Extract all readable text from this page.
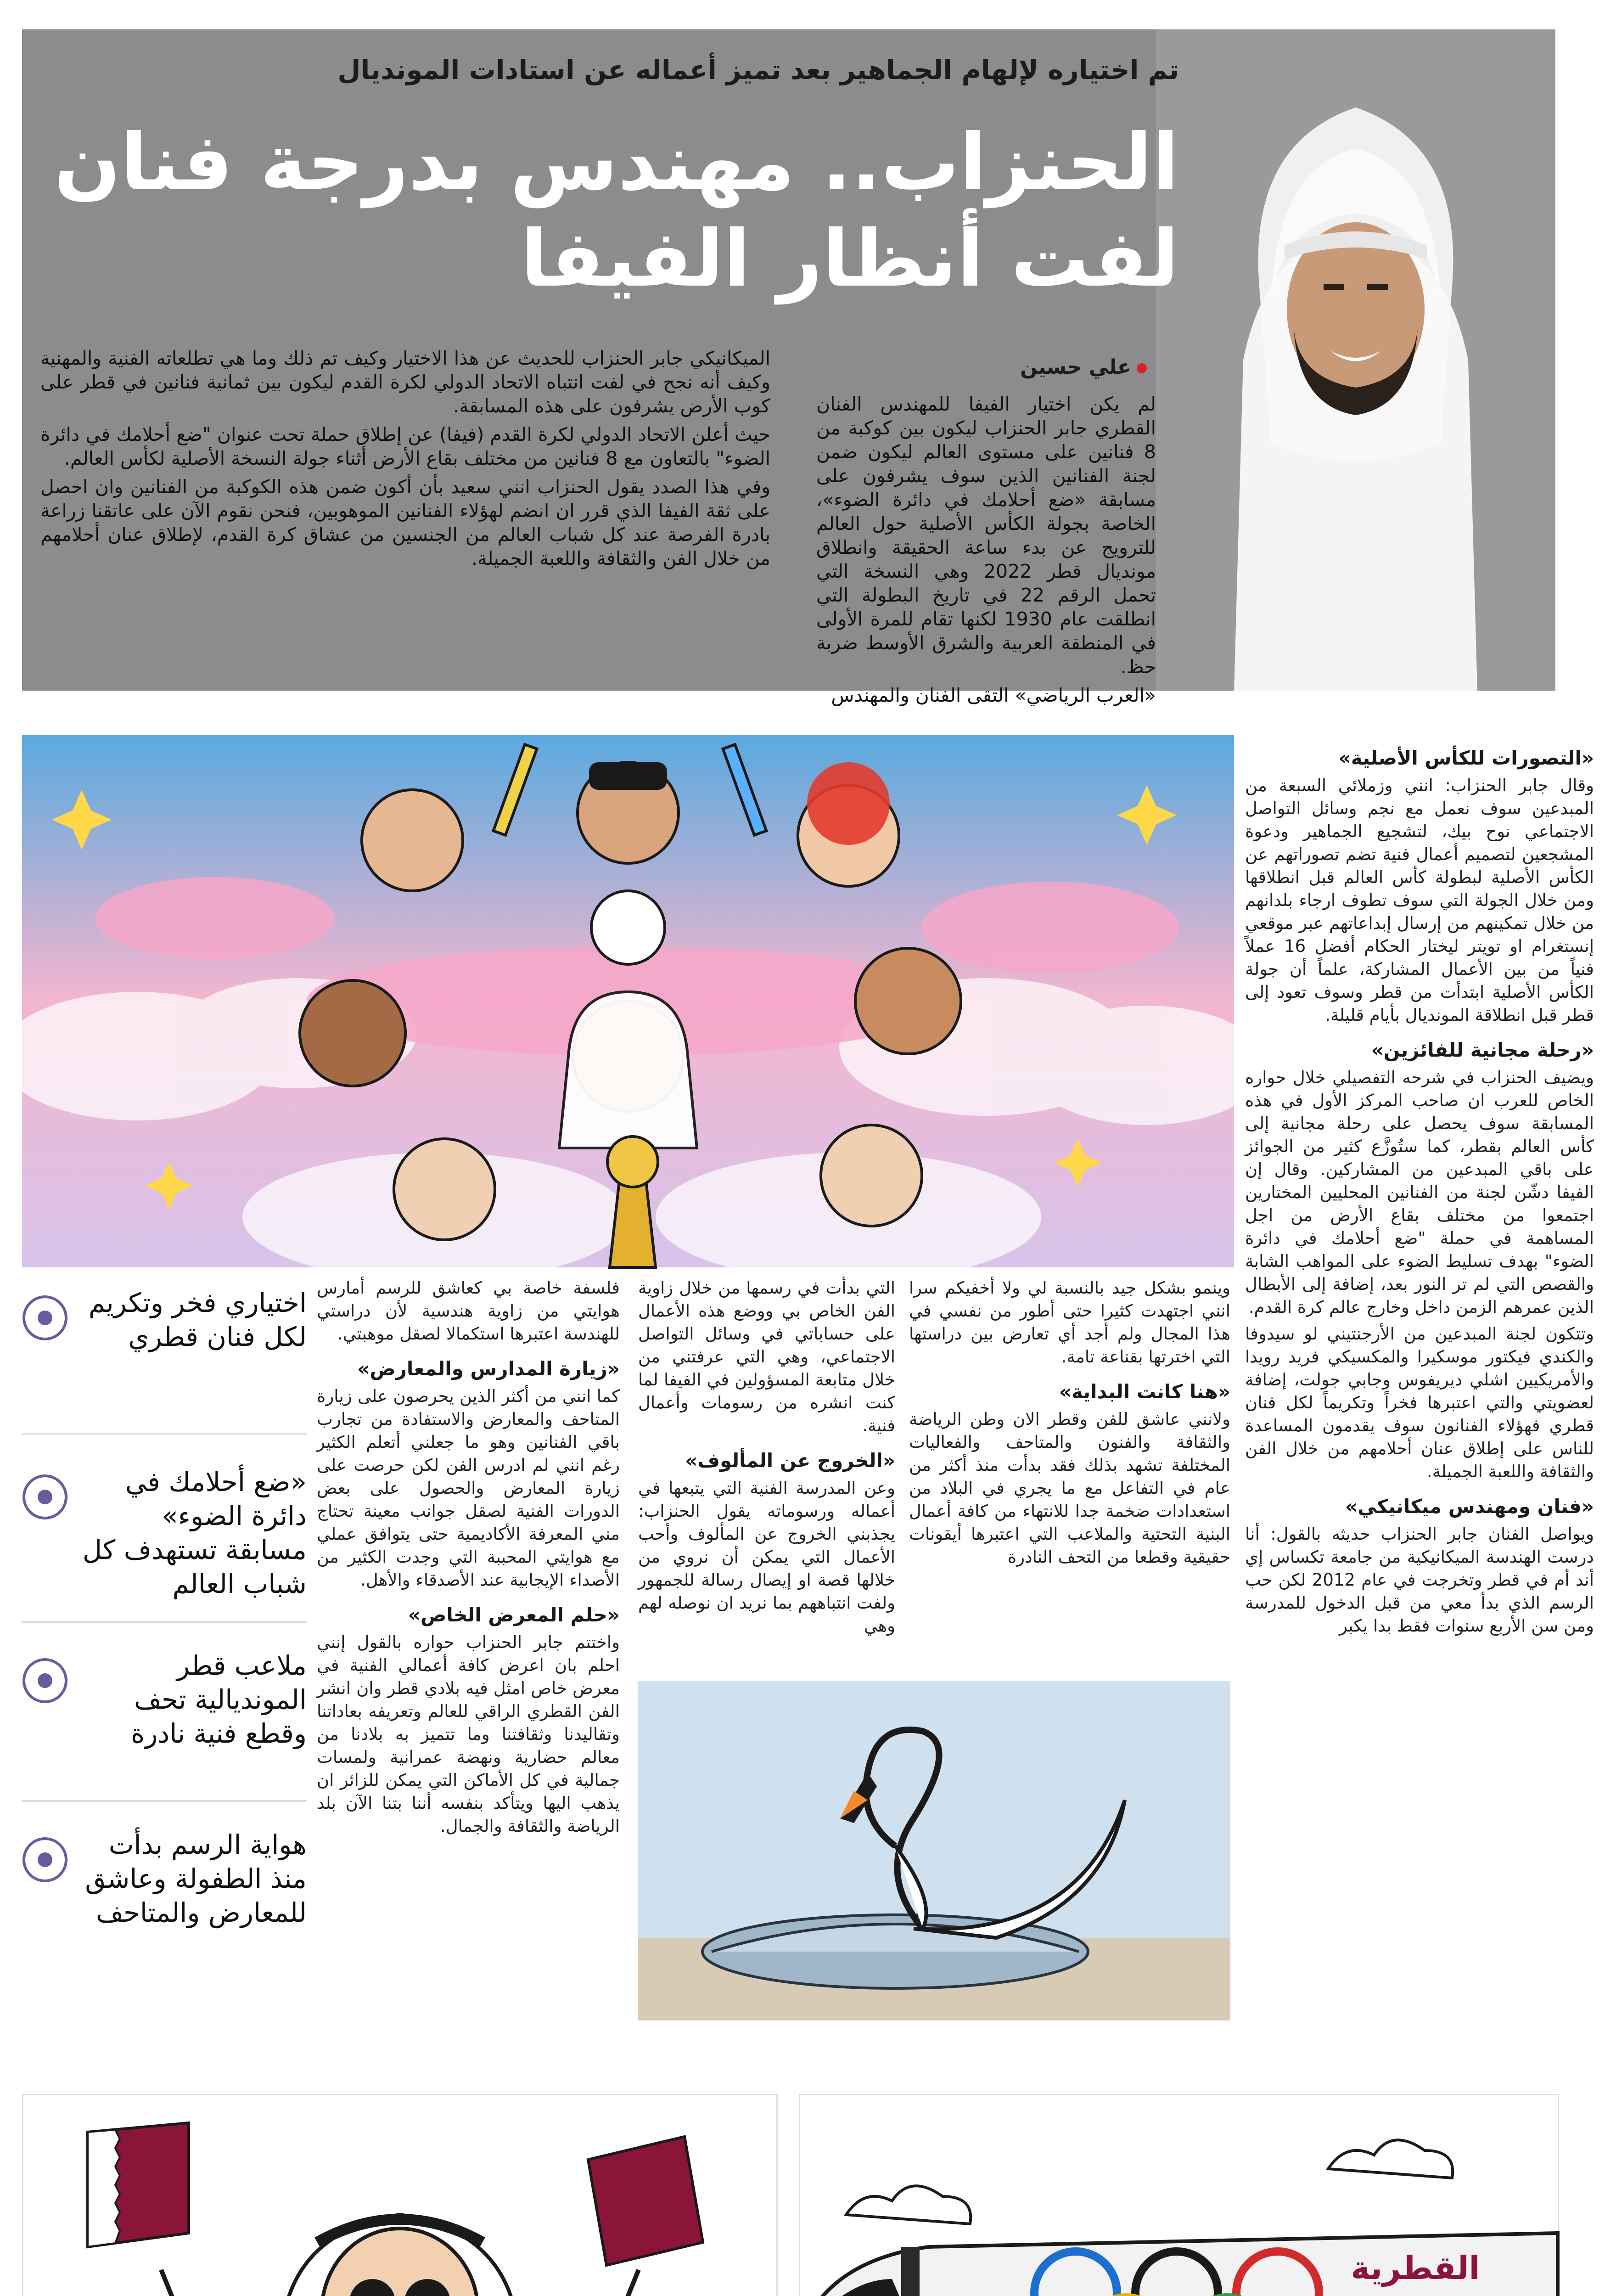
تم اختياره لإلهام الجماهير بعد تميز أعماله عن استادات المونديال
الحنزاب.. مهندس بدرجة فنان
لفت أنظار الفيفا
علي حسين

لم يكن اختيار الفيفا للمهندس الفنان القطري جابر الحنزاب ليكون بين كوكبة من 8 فنانين على مستوى العالم ليكون ضمن لجنة الفنانين الذين سوف يشرفون على مسابقة «ضع أحلامك في دائرة الضوء»، الخاصة بجولة الكأس الأصلية حول العالم للترويج عن بدء ساعة الحقيقة وانطلاق مونديال قطر 2022 وهي النسخة التي تحمل الرقم 22 في تاريخ البطولة التي انطلقت عام 1930 لكنها تقام للمرة الأولى في المنطقة العربية والشرق الأوسط ضربة حظ.

«العرب الرياضي» التقى الفنان والمهندس

الميكانيكي جابر الحنزاب للحديث عن هذا الاختيار وكيف تم ذلك وما هي تطلعاته الفنية والمهنية وكيف أنه نجح في لفت انتباه الاتحاد الدولي لكرة القدم ليكون بين ثمانية فنانين في قطر على كوب الأرض يشرفون على هذه المسابقة.

حيث أعلن الاتحاد الدولي لكرة القدم (فيفا) عن إطلاق حملة تحت عنوان "ضع أحلامك في دائرة الضوء" بالتعاون مع 8 فنانين من مختلف بقاع الأرض أثناء جولة النسخة الأصلية لكأس العالم.

وفي هذا الصدد يقول الحنزاب انني سعيد بأن أكون ضمن هذه الكوكبة من الفنانين وان احصل على ثقة الفيفا الذي قرر ان انضم لهؤلاء الفنانين الموهوبين، فنحن نقوم الآن على عاتقنا زراعة بادرة الفرصة عند كل شباب العالم من الجنسين من عشاق كرة القدم، لإطلاق عنان أحلامهم من خلال الفن والثقافة واللعبة الجميلة.

«التصورات للكأس الأصلية»

وقال جابر الحنزاب: انني وزملائي السبعة من المبدعين سوف نعمل مع نجم وسائل التواصل الاجتماعي نوح بيك، لتشجيع الجماهير ودعوة المشجعين لتصميم أعمال فنية تضم تصوراتهم عن الكأس الأصلية لبطولة كأس العالم قبل انطلاقها ومن خلال الجولة التي سوف تطوف ارجاء بلدانهم من خلال تمكينهم من إرسال إبداعاتهم عبر موقعي إنستغرام او تويتر ليختار الحكام أفضل 16 عملاً فنياً من بين الأعمال المشاركة، علماً أن جولة الكأس الأصلية ابتدأت من قطر وسوف تعود إلى قطر قبل انطلاقة المونديال بأيام قليلة.

«رحلة مجانية للفائزين»

ويضيف الحنزاب في شرحه التفصيلي خلال حواره الخاص للعرب ان صاحب المركز الأول في هذه المسابقة سوف يحصل على رحلة مجانية إلى كأس العالم بقطر، كما ستُوزَّع كثير من الجوائز على باقي المبدعين من المشاركين. وقال إن الفيفا دشّن لجنة من الفنانين المحليين المختارين اجتمعوا من مختلف بقاع الأرض من اجل المساهمة في حملة "ضع أحلامك في دائرة الضوء" بهدف تسليط الضوء على المواهب الشابة والقصص التي لم تر النور بعد، إضافة إلى الأبطال الذين عمرهم الزمن داخل وخارج عالم كرة القدم.

وتتكون لجنة المبدعين من الأرجنتيني لو سيدوفا والكندي فيكتور موسكيرا والمكسيكي فريد رويدا والأمريكيين اشلي ديريفوس وجابي جولت، إضافة لعضويتي والتي اعتبرها فخراً وتكريماً لكل فنان قطري فهؤلاء الفنانون سوف يقدمون المساعدة للناس على إطلاق عنان أحلامهم من خلال الفن والثقافة واللعبة الجميلة.

«فنان ومهندس ميكانيكي»

ويواصل الفنان جابر الحنزاب حديثه بالقول: أنا درست الهندسة الميكانيكية من جامعة تكساس إي أند أم في قطر وتخرجت في عام 2012 لكن حب الرسم الذي بدأ معي من قبل الدخول للمدرسة ومن سن الأربع سنوات فقط بدا يكبر

وينمو بشكل جيد بالنسبة لي ولا أخفيكم سرا انني اجتهدت كثيرا حتى أطور من نفسي في هذا المجال ولم أجد أي تعارض بين دراستها التي اخترتها بقناعة تامة.

«هنا كانت البداية»

ولانني عاشق للفن وقطر الان وطن الرياضة والثقافة والفنون والمتاحف والفعاليات المختلفة تشهد بذلك فقد بدأت منذ أكثر من عام في التفاعل مع ما يجري في البلاد من استعدادات ضخمة جدا للانتهاء من كافة أعمال البنية التحتية والملاعب التي اعتبرها أيقونات حقيقية وقطعا من التحف النادرة

التي بدأت في رسمها من خلال زاوية الفن الخاص بي ووضع هذه الأعمال على حساباتي في وسائل التواصل الاجتماعي، وهي التي عرفتني من خلال متابعة المسؤولين في الفيفا لما كنت انشره من رسومات وأعمال فنية.

«الخروج عن المألوف»

وعن المدرسة الفنية التي يتبعها في أعماله ورسوماته يقول الحنزاب: يجذبني الخروج عن المألوف وأحب الأعمال التي يمكن أن نروي من خلالها قصة او إيصال رسالة للجمهور ولفت انتباههم بما نريد ان نوصله لهم وهي

فلسفة خاصة بي كعاشق للرسم أمارس هوايتي من زاوية هندسية لأن دراستي للهندسة اعتبرها استكمالا لصقل موهبتي.

«زيارة المدارس والمعارض»

كما انني من أكثر الذين يحرصون على زيارة المتاحف والمعارض والاستفادة من تجارب باقي الفنانين وهو ما جعلني أتعلم الكثير رغم انني لم ادرس الفن لكن حرصت على زيارة المعارض والحصول على بعض الدورات الفنية لصقل جوانب معينة تحتاج مني المعرفة الأكاديمية حتى يتوافق عملي مع هوايتي المحببة التي وجدت الكثير من الأصداء الإيجابية عند الأصدقاء والأهل.

«حلم المعرض الخاص»

واختتم جابر الحنزاب حواره بالقول إنني احلم بان اعرض كافة أعمالي الفنية في معرض خاص امثل فيه بلادي قطر وان انشر الفن القطري الراقي للعالم وتعريفه بعاداتنا وتقاليدنا وثقافتنا وما تتميز به بلادنا من معالم حضارية ونهضة عمرانية ولمسات جمالية في كل الأماكن التي يمكن للزائر ان يذهب اليها ويتأكد بنفسه أننا بتنا الآن بلد الرياضة والثقافة والجمال.

اختياري فخر وتكريم لكل فنان قطري
«ضع أحلامك في دائرة الضوء» مسابقة تستهدف كل شباب العالم
ملاعب قطر المونديالية تحف وقطع فنية نادرة
هواية الرسم بدأت منذ الطفولة وعاشق للمعارض والمتاحف
القطرية
